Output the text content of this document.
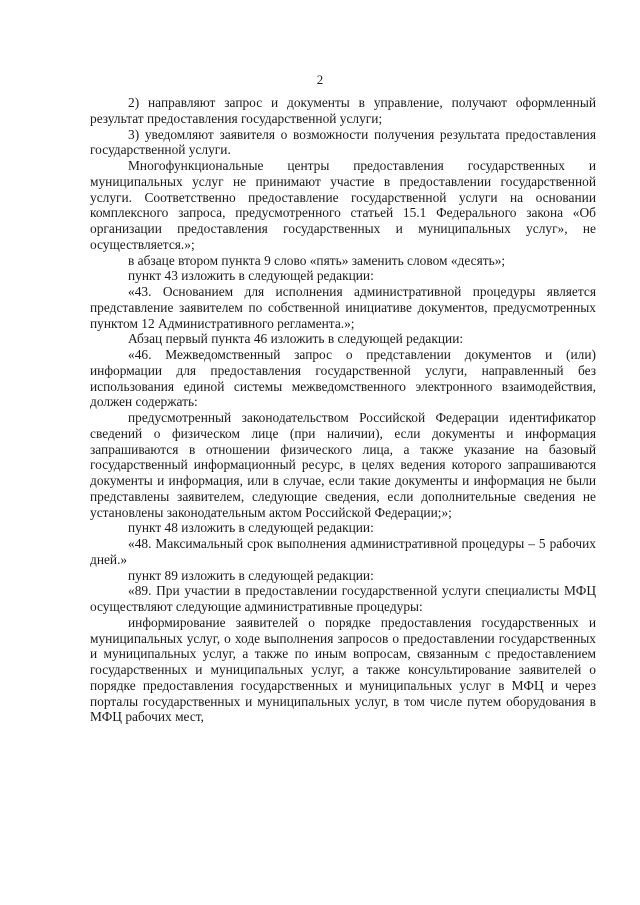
2

2) направляют запрос и документы в управление, получают оформленный результат предоставления государственной услуги;

3) уведомляют заявителя о возможности получения результата предоставления государственной услуги.

Многофункциональные центры предоставления государственных и муниципальных услуг не принимают участие в предоставлении государственной услуги. Соответственно предоставление государственной услуги на основании комплексного запроса, предусмотренного статьей 15.1 Федерального закона «Об организации предоставления государственных и муниципальных услуг», не осуществляется.»;

в абзаце втором пункта 9 слово «пять» заменить словом «десять»;

пункт 43 изложить в следующей редакции:

«43. Основанием для исполнения административной процедуры является представление заявителем по собственной инициативе документов, предусмотренных пунктом 12 Административного регламента.»;

Абзац первый пункта 46 изложить в следующей редакции:

«46. Межведомственный запрос о представлении документов и (или) информации для предоставления государственной услуги, направленный без использования единой системы межведомственного электронного взаимодействия, должен содержать:

предусмотренный законодательством Российской Федерации идентификатор сведений о физическом лице (при наличии), если документы и информация запрашиваются в отношении физического лица, а также указание на базовый государственный информационный ресурс, в целях ведения которого запрашиваются документы и информация, или в случае, если такие документы и информация не были представлены заявителем, следующие сведения, если дополнительные сведения не установлены законодательным актом Российской Федерации;»;

пункт 48 изложить в следующей редакции:

«48. Максимальный срок выполнения административной процедуры – 5 рабочих дней.»

пункт 89 изложить в следующей редакции:

«89. При участии в предоставлении государственной услуги специалисты МФЦ осуществляют следующие административные процедуры:

информирование заявителей о порядке предоставления государственных и муниципальных услуг, о ходе выполнения запросов о предоставлении государственных и муниципальных услуг, а также по иным вопросам, связанным с предоставлением государственных и муниципальных услуг, а также консультирование заявителей о порядке предоставления государственных и муниципальных услуг в МФЦ и через порталы государственных и муниципальных услуг, в том числе путем оборудования в МФЦ рабочих мест,
